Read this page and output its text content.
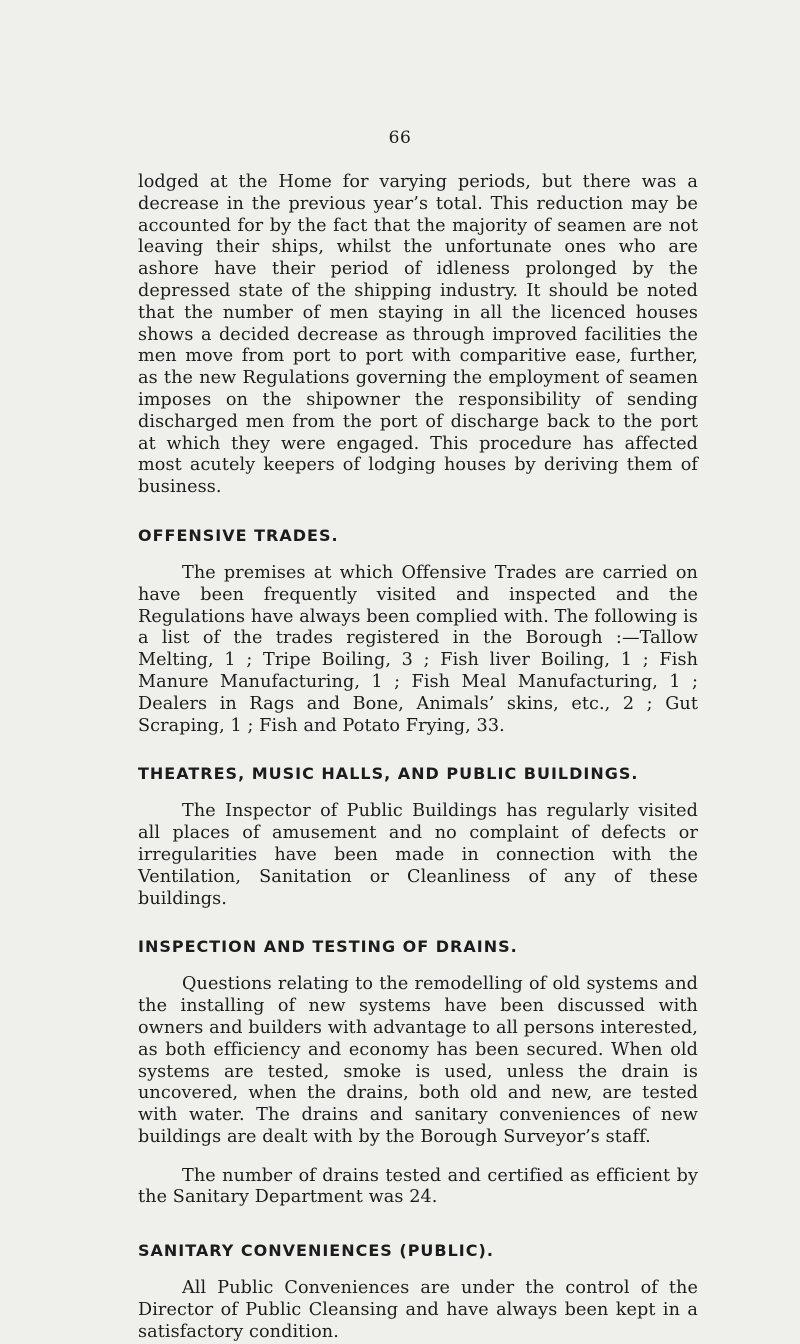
66

lodged at the Home for varying periods, but there was a decrease in the previous year’s total. This reduction may be accounted for by the fact that the majority of seamen are not leaving their ships, whilst the unfortunate ones who are ashore have their period of idleness prolonged by the depressed state of the shipping industry. It should be noted that the number of men staying in all the licenced houses shows a decided decrease as through improved facilities the men move from port to port with comparitive ease, further, as the new Regulations governing the employment of seamen imposes on the shipowner the responsibility of sending discharged men from the port of discharge back to the port at which they were engaged. This procedure has affected most acutely keepers of lodging houses by deriving them of business.

OFFENSIVE TRADES.

The premises at which Offensive Trades are carried on have been frequently visited and inspected and the Regulations have always been complied with. The following is a list of the trades registered in the Borough :—Tallow Melting, 1 ; Tripe Boiling, 3 ; Fish liver Boiling, 1 ; Fish Manure Manufacturing, 1 ; Fish Meal Manufacturing, 1 ; Dealers in Rags and Bone, Animals’ skins, etc., 2 ; Gut Scraping, 1 ; Fish and Potato Frying, 33.

THEATRES, MUSIC HALLS, AND PUBLIC BUILDINGS.

The Inspector of Public Buildings has regularly visited all places of amusement and no complaint of defects or irregularities have been made in connection with the Ventilation, Sanitation or Cleanliness of any of these buildings.

INSPECTION AND TESTING OF DRAINS.

Questions relating to the remodelling of old systems and the installing of new systems have been discussed with owners and builders with advantage to all persons interested, as both efficiency and economy has been secured. When old systems are tested, smoke is used, unless the drain is uncovered, when the drains, both old and new, are tested with water. The drains and sanitary conveniences of new buildings are dealt with by the Borough Surveyor’s staff.

The number of drains tested and certified as efficient by the Sanitary Department was 24.

SANITARY CONVENIENCES (PUBLIC).

All Public Conveniences are under the control of the Director of Public Cleansing and have always been kept in a satisfactory condition.
